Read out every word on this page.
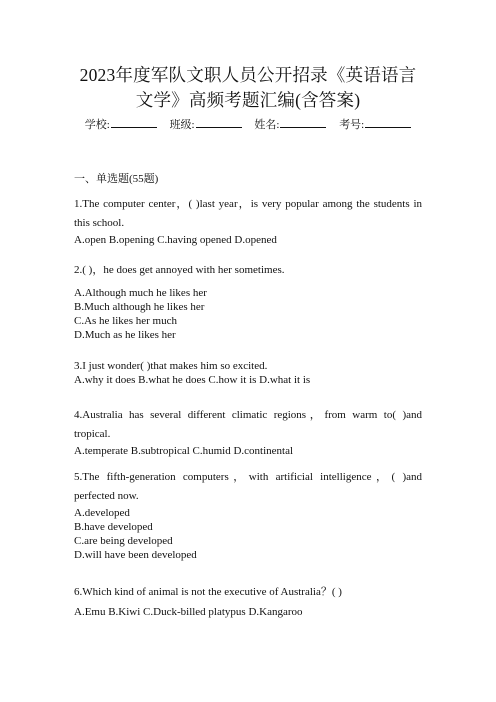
2023年度军队文职人员公开招录《英语语言
文学》高频考题汇编(含答案)
学校:	班级:	姓名:	考号:
一、单选题(55题)
1.The computer center，( )last year，is very popular among the students in this school.
A.open B.opening C.having opened D.opened
2.( )，he does get annoyed with her sometimes.
A.Although much he likes her
B.Much although he likes her
C.As he likes her much
D.Much as he likes her
3.I just wonder( )that makes him so excited.
A.why it does B.what he does C.how it is D.what it is
4.Australia has several different climatic regions，from warm to( )and tropical.
A.temperate B.subtropical C.humid D.continental
5.The fifth-generation computers，with artificial intelligence，( )and perfected now.
A.developed
B.have developed
C.are being developed
D.will have been developed
6.Which kind of animal is not the executive of Australia？( )
A.Emu B.Kiwi C.Duck-billed platypus D.Kangaroo
